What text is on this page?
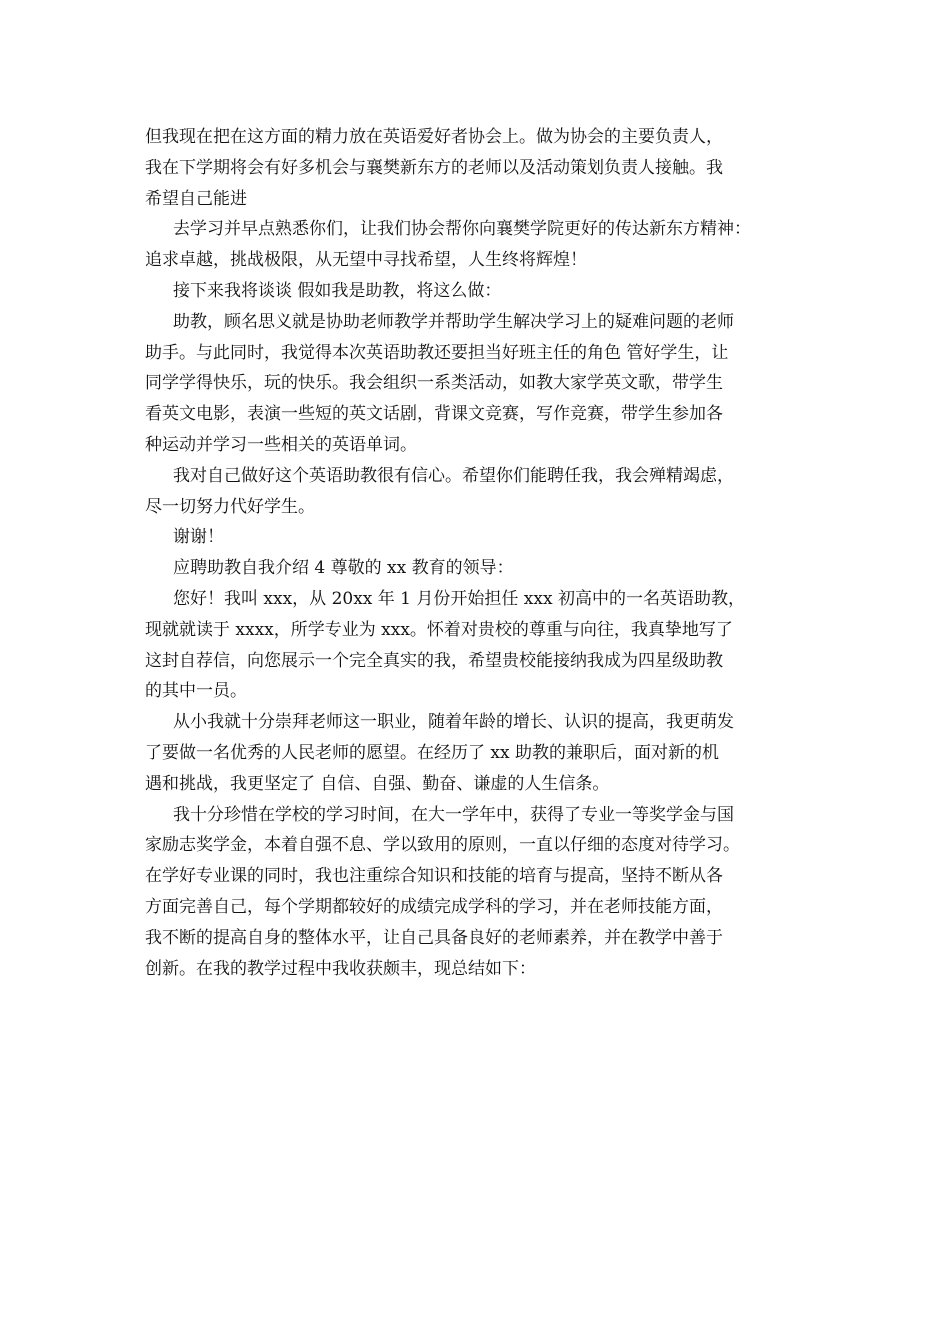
但我现在把在这方面的精力放在英语爱好者协会上。做为协会的主要负责人，
我在下学期将会有好多机会与襄樊新东方的老师以及活动策划负责人接触。我
希望自己能进
去学习并早点熟悉你们，让我们协会帮你向襄樊学院更好的传达新东方精神：
追求卓越，挑战极限，从无望中寻找希望，人生终将辉煌！
接下来我将谈谈 假如我是助教，将这么做：
助教，顾名思义就是协助老师教学并帮助学生解决学习上的疑难问题的老师
助手。与此同时，我觉得本次英语助教还要担当好班主任的角色 管好学生，让
同学学得快乐，玩的快乐。我会组织一系类活动，如教大家学英文歌，带学生
看英文电影，表演一些短的英文话剧，背课文竞赛，写作竞赛，带学生参加各
种运动并学习一些相关的英语单词。
我对自己做好这个英语助教很有信心。希望你们能聘任我，我会殚精竭虑，
尽一切努力代好学生。
谢谢！
应聘助教自我介绍 4 尊敬的 xx 教育的领导：
您好！我叫 xxx，从 20xx 年 1 月份开始担任 xxx 初高中的一名英语助教，
现就就读于 xxxx，所学专业为 xxx。怀着对贵校的尊重与向往，我真挚地写了
这封自荐信，向您展示一个完全真实的我，希望贵校能接纳我成为四星级助教
的其中一员。
从小我就十分崇拜老师这一职业，随着年龄的增长、认识的提高，我更萌发
了要做一名优秀的人民老师的愿望。在经历了 xx 助教的兼职后，面对新的机
遇和挑战，我更坚定了 自信、自强、勤奋、谦虚的人生信条。
我十分珍惜在学校的学习时间，在大一学年中，获得了专业一等奖学金与国
家励志奖学金，本着自强不息、学以致用的原则，一直以仔细的态度对待学习。
在学好专业课的同时，我也注重综合知识和技能的培育与提高，坚持不断从各
方面完善自己，每个学期都较好的成绩完成学科的学习，并在老师技能方面，
我不断的提高自身的整体水平，让自己具备良好的老师素养，并在教学中善于
创新。在我的教学过程中我收获颇丰，现总结如下：
